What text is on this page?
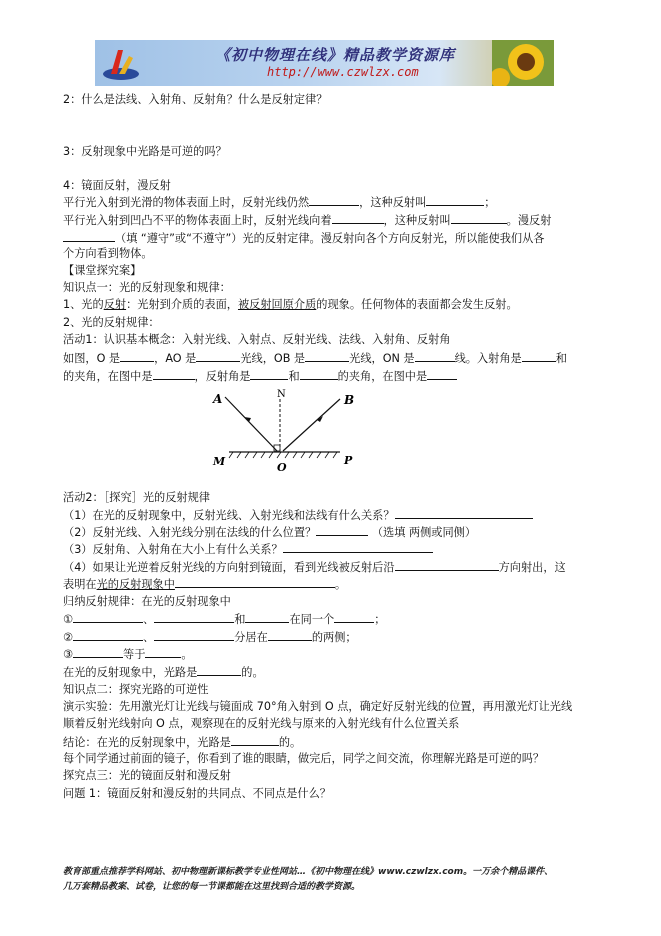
《初中物理在线》精品教学资源库
http://www.czwlzx.com
2：什么是法线、入射角、反射角？什么是反射定律？
3：反射现象中光路是可逆的吗？
4：镜面反射，漫反射
平行光入射到光滑的物体表面上时，反射光线仍然	，这种反射叫	；
平行光入射到凹凸不平的物体表面上时，反射光线向着	，这种反射叫	。漫反射
（填 “遵守”或“不遵守”）光的反射定律。漫反射向各个方向反射光，所以能使我们从各
个方向看到物体。
【课堂探究案】
知识点一：光的反射现象和规律：
1、光的反射：光射到介质的表面，被反射回原介质的现象。任何物体的表面都会发生反射。
2、光的反射规律：
活动1：认识基本概念：入射光线、入射点、反射光线、法线、入射角、反射角
如图，O 是	，AO 是	光线，OB 是	光线，ON 是	线。入射角是	和
的夹角，在图中是	，反射角是	和	的夹角，在图中是
A	N	B
M	O
P
活动2：［探究］光的反射规律
（1）在光的反射现象中，反射光线、入射光线和法线有什么关系？
（2）反射光线、入射光线分别在法线的什么位置？	（选填 两侧或同侧）
（3）反射角、入射角在大小上有什么关系？
（4）如果让光逆着反射光线的方向射到镜面，看到光线被反射后沿	方向射出，这
表明在光的反射现象中	。
归纳反射规律：在光的反射现象中
①	、	和	在同一个	；
②	、	分居在	的两侧；
③	等于	。
在光的反射现象中，光路是	的。
知识点二：探究光路的可逆性
演示实验：先用激光灯让光线与镜面成 70°角入射到 O 点，确定好反射光线的位置，再用激光灯让光线
顺着反射光线射向 O 点，观察现在的反射光线与原来的入射光线有什么位置关系
结论：在光的反射现象中，光路是	的。
每个同学通过前面的镜子，你看到了谁的眼睛，做完后，同学之间交流，你理解光路是可逆的吗？
探究点三：光的镜面反射和漫反射
问题 1：镜面反射和漫反射的共同点、不同点是什么？
教育部重点推荐学科网站、初中物理新课标教学专业性网站…《初中物理在线》www.czwlzx.com。一万余个精品课件、
几万套精品教案、试卷，让您的每一节课都能在这里找到合适的教学资源。
